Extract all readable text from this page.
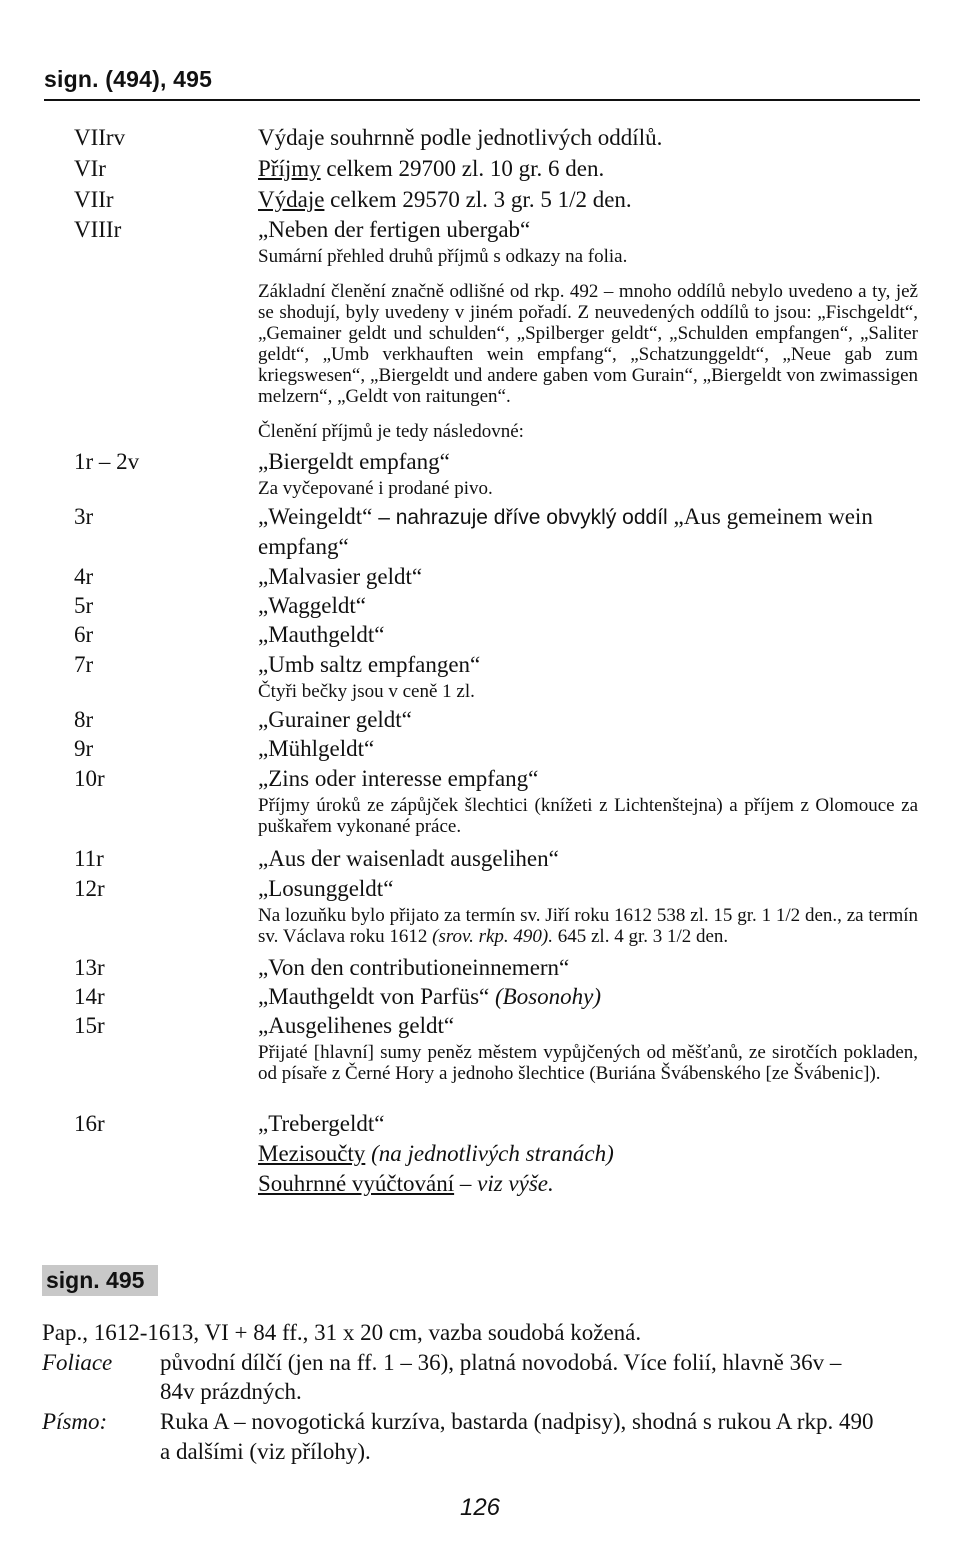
sign. (494), 495
VIIrv	Výdaje souhrnně podle jednotlivých oddílů.
VIr	Příjmy celkem 29700 zl. 10 gr. 6 den.
VIIr	Výdaje celkem 29570 zl. 3 gr. 5 1/2 den.
VIIIr	„Neben der fertigen ubergab“
Sumární přehled druhů příjmů s odkazy na folia.
Základní členění značně odlišné od rkp. 492 – mnoho oddílů nebylo uvedeno a ty, jež se shodují, byly uvedeny v jiném pořadí. Z neuvedených oddílů to jsou: „Fischgeldt“, „Gemainer geldt und schulden“, „Spilberger geldt“, „Schulden empfangen“, „Saliter geldt“, „Umb verkhauften wein empfang“, „Schatzunggeldt“, „Neue gab zum kriegswesen“, „Biergeldt und andere gaben vom Gurain“, „Biergeldt von zwimassigen melzern“, „Geldt von raitungen“.
Členění příjmů je tedy následovné:
1r – 2v	„Biergeldt empfang“
Za vyčepované i prodané pivo.
3r	„Weingeldt“ – nahrazuje dříve obvyklý oddíl „Aus gemeinem wein
empfang“
4r	„Malvasier geldt“
5r	„Waggeldt“
6r	„Mauthgeldt“
7r	„Umb saltz empfangen“
Čtyři bečky jsou v ceně 1 zl.
8r	„Gurainer geldt“
9r	„Mühlgeldt“
10r	„Zins oder interesse empfang“
Příjmy úroků ze zápůjček šlechtici (knížeti z Lichtenštejna) a příjem z Olomouce za puškařem vykonané práce.
11r	„Aus der waisenladt ausgelihen“
12r	„Losunggeldt“
Na lozuňku bylo přijato za termín sv. Jiří roku 1612 538 zl. 15 gr. 1 1/2 den., za termín sv. Václava roku 1612 (srov. rkp. 490). 645 zl. 4 gr. 3 1/2 den.
13r	„Von den contributioneinnemern“
14r	„Mauthgeldt von Parfüs“ (Bosonohy)
15r	„Ausgelihenes geldt“
Přijaté [hlavní] sumy peněz městem vypůjčených od měšťanů, ze sirotčích pokladen, od písaře z Černé Hory a jednoho šlechtice (Buriána Švábenského [ze Švábenic]).
16r	„Trebergeldt“
Mezisoučty (na jednotlivých stranách)
Souhrnné vyúčtování – viz výše.
sign. 495
Pap., 1612-1613, VI + 84 ff., 31 x 20 cm, vazba soudobá kožená.
Foliace původní dílčí (jen na ff. 1 – 36), platná novodobá. Více folií, hlavně 36v –
84v prázdných.
Písmo: Ruka A – novogotická kurzíva, bastarda (nadpisy), shodná s rukou A rkp. 490
a dalšími (viz přílohy).
126
